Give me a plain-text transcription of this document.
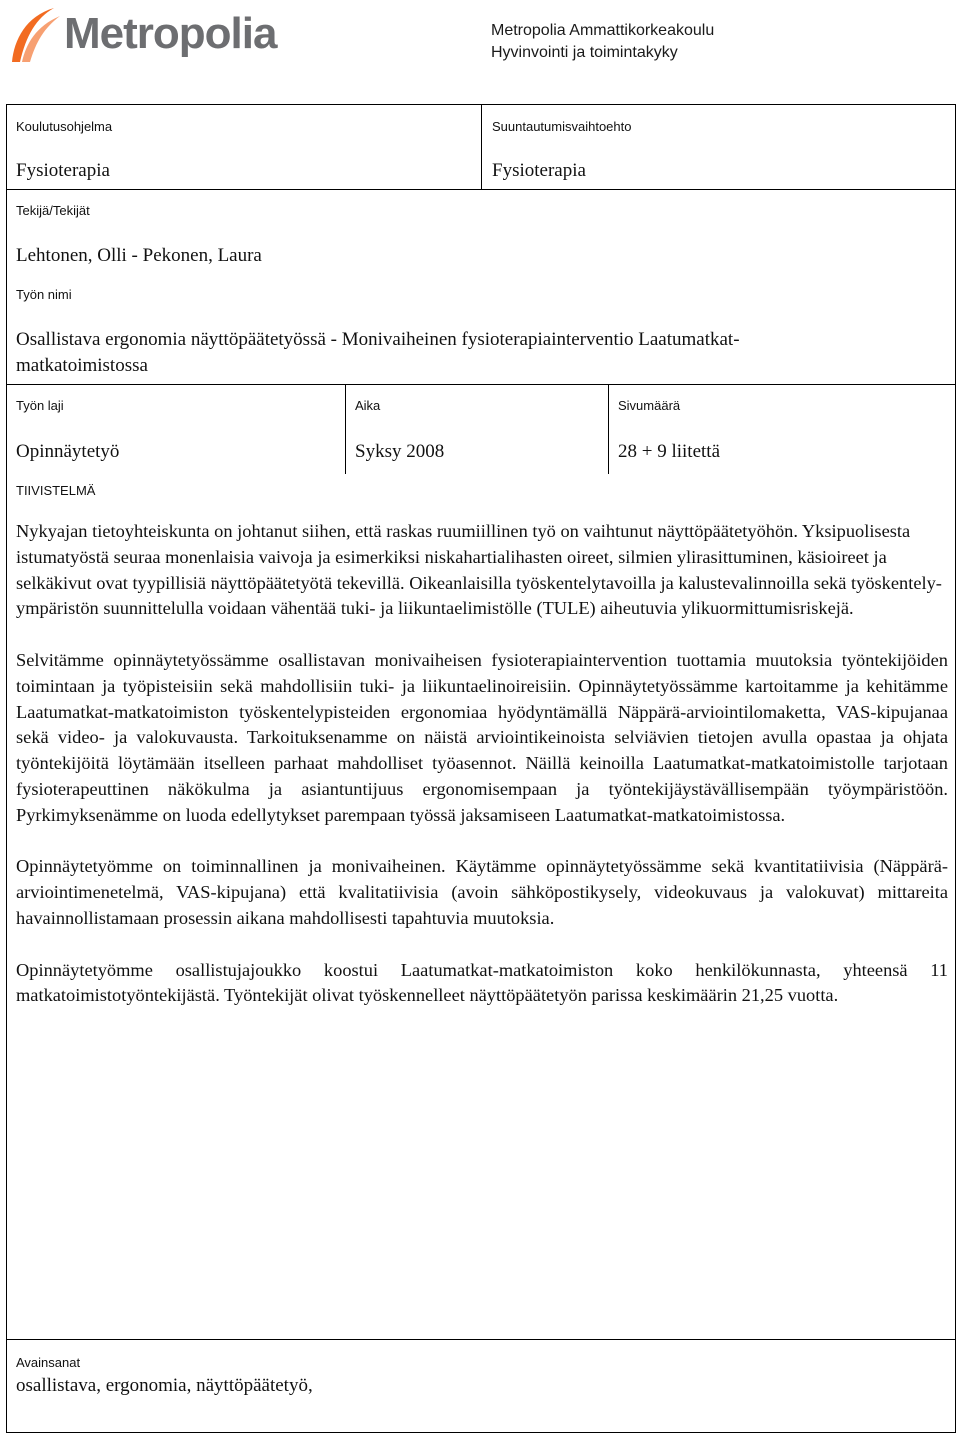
Metropolia	Metropolia Ammattikorkeakoulu
Hyvinvointi ja toimintakyky
Koulutusohjelma
Fysioterapia
Suuntautumisvaihtoehto
Fysioterapia
Tekijä/Tekijät
Lehtonen, Olli - Pekonen, Laura
Työn nimi
Osallistava ergonomia näyttöpäätetyössä - Monivaiheinen fysioterapiainterventio Laatumatkat-
matkatoimistossa
Työn laji
Opinnäytetyö
Aika
Syksy 2008
Sivumäärä
28 + 9 liitettä
TIIVISTELMÄ

Nykyajan tietoyhteiskunta on johtanut siihen, että raskas ruumiillinen työ on vaihtunut näyttöpäätetyöhön. Yksipuolisesta istumatyöstä seuraa monenlaisia vaivoja ja esimerkiksi niskahartialihasten oireet, silmien ylirasittuminen, käsioireet ja selkäkivut ovat tyypillisiä näyttöpäätetyötä tekevillä. Oikeanlaisilla työskentelytavoilla ja kalustevalinnoilla sekä työskentely-ympäristön suunnittelulla voidaan vähentää tuki- ja liikuntaelimistölle (TULE) aiheutuvia ylikuormittumisriskejä.

Selvitämme opinnäytetyössämme osallistavan monivaiheisen fysioterapiaintervention tuottamia muutoksia työntekijöiden toimintaan ja työpisteisiin sekä mahdollisiin tuki- ja liikuntaelinoireisiin. Opinnäytetyössämme kartoitamme ja kehitämme Laatumatkat-matkatoimiston työskentelypisteiden ergonomiaa hyödyntämällä Näppärä-arviointilomaketta, VAS-kipujanaa sekä video- ja valokuvausta. Tarkoituksenamme on näistä arviointikeinoista selviävien tietojen avulla opastaa ja ohjata työntekijöitä löytämään itselleen parhaat mahdolliset työasennot. Näillä keinoilla Laatumatkat-matkatoimistolle tarjotaan fysioterapeuttinen näkökulma ja asiantuntijuus ergonomisempaan ja työntekijäystävällisempään työympäristöön. Pyrkimyksenämme on luoda edellytykset parempaan työssä jaksamiseen Laatumatkat-matkatoimistossa.

Opinnäytetyömme on toiminnallinen ja monivaiheinen. Käytämme opinnäytetyössämme sekä kvantitatiivisia (Näppärä-arviointimenetelmä, VAS-kipujana) että kvalitatiivisia (avoin sähköpostikysely, videokuvaus ja valokuvat) mittareita havainnollistamaan prosessin aikana mahdollisesti tapahtuvia muutoksia.

Opinnäytetyömme osallistujajoukko koostui Laatumatkat-matkatoimiston koko henkilökunnasta, yhteensä 11 matkatoimistotyöntekijästä. Työntekijät olivat työskennelleet näyttöpäätetyön parissa keskimäärin 21,25 vuotta.

Avainsanat
osallistava, ergonomia, näyttöpäätetyö,
